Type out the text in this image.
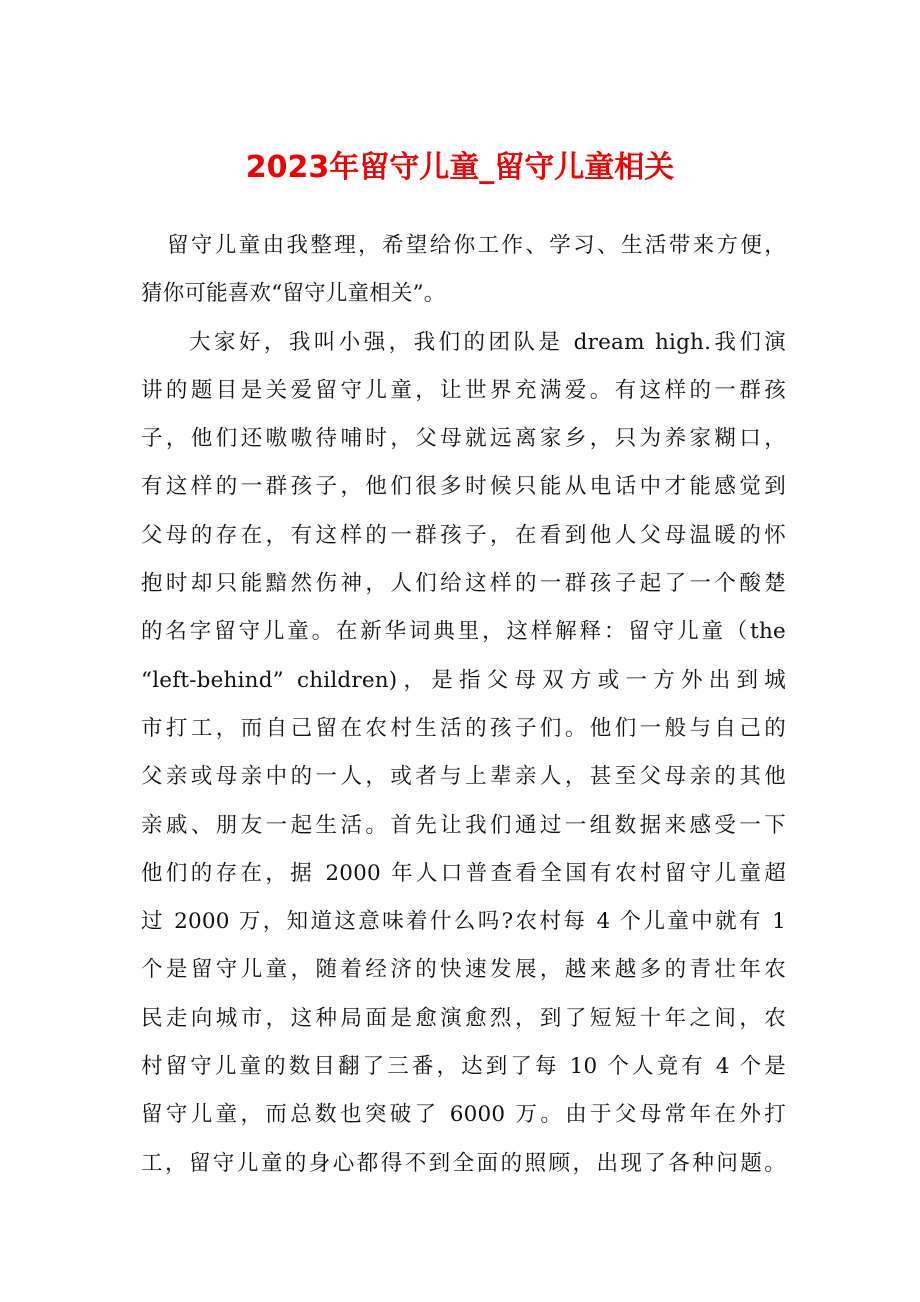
2023年留守儿童_留守儿童相关

留守儿童由我整理，希望给你工作、学习、生活带来方便，
猜你可能喜欢“留守儿童相关”。

大家好，我叫小强，我们的团队是 dream high.我们演
讲的题目是关爱留守儿童，让世界充满爱。有这样的一群孩
子，他们还嗷嗷待哺时，父母就远离家乡，只为养家糊口，
有这样的一群孩子，他们很多时候只能从电话中才能感觉到
父母的存在，有这样的一群孩子，在看到他人父母温暖的怀
抱时却只能黯然伤神，人们给这样的一群孩子起了一个酸楚
的名字留守儿童。在新华词典里，这样解释：留守儿童（the
“left-behind” children)，是指父母双方或一方外出到城
市打工，而自己留在农村生活的孩子们。他们一般与自己的
父亲或母亲中的一人，或者与上辈亲人，甚至父母亲的其他
亲戚、朋友一起生活。首先让我们通过一组数据来感受一下
他们的存在，据 2000 年人口普查看全国有农村留守儿童超
过 2000 万，知道这意味着什么吗?农村每 4 个儿童中就有 1
个是留守儿童，随着经济的快速发展，越来越多的青壮年农
民走向城市，这种局面是愈演愈烈，到了短短十年之间，农
村留守儿童的数目翻了三番，达到了每 10 个人竟有 4 个是
留守儿童，而总数也突破了 6000 万。由于父母常年在外打
工，留守儿童的身心都得不到全面的照顾，出现了各种问题。
